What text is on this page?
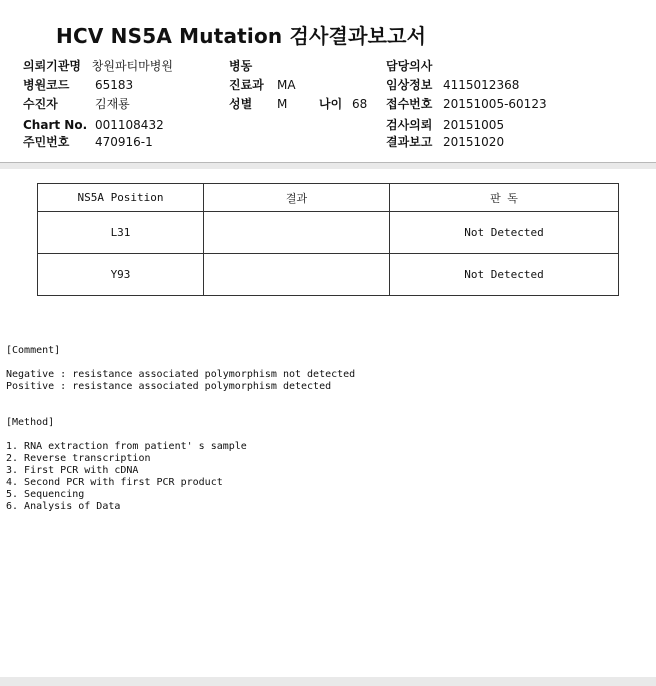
HCV NS5A Mutation 검사결과보고서
의뢰기관명 창원파티마병원	병동	담당의사
병원코드 65183	진료과 MA	임상정보 4115012368
수진자	김재룡	성별 M	나이 68 접수번호 20151005-60123
Chart No. 001108432	검사의뢰 20151005
주민번호 470916-1	결과보고 20151020
NS5A Position	결과	판 독
L31		Not Detected
Y93		Not Detected
[Comment]
Negative : resistance associated polymorphism not detected
Positive : resistance associated polymorphism detected
[Method]
1. RNA extraction from patient' s sample
2. Reverse transcription
3. First PCR with cDNA
4. Second PCR with first PCR product
5. Sequencing
6. Analysis of Data
